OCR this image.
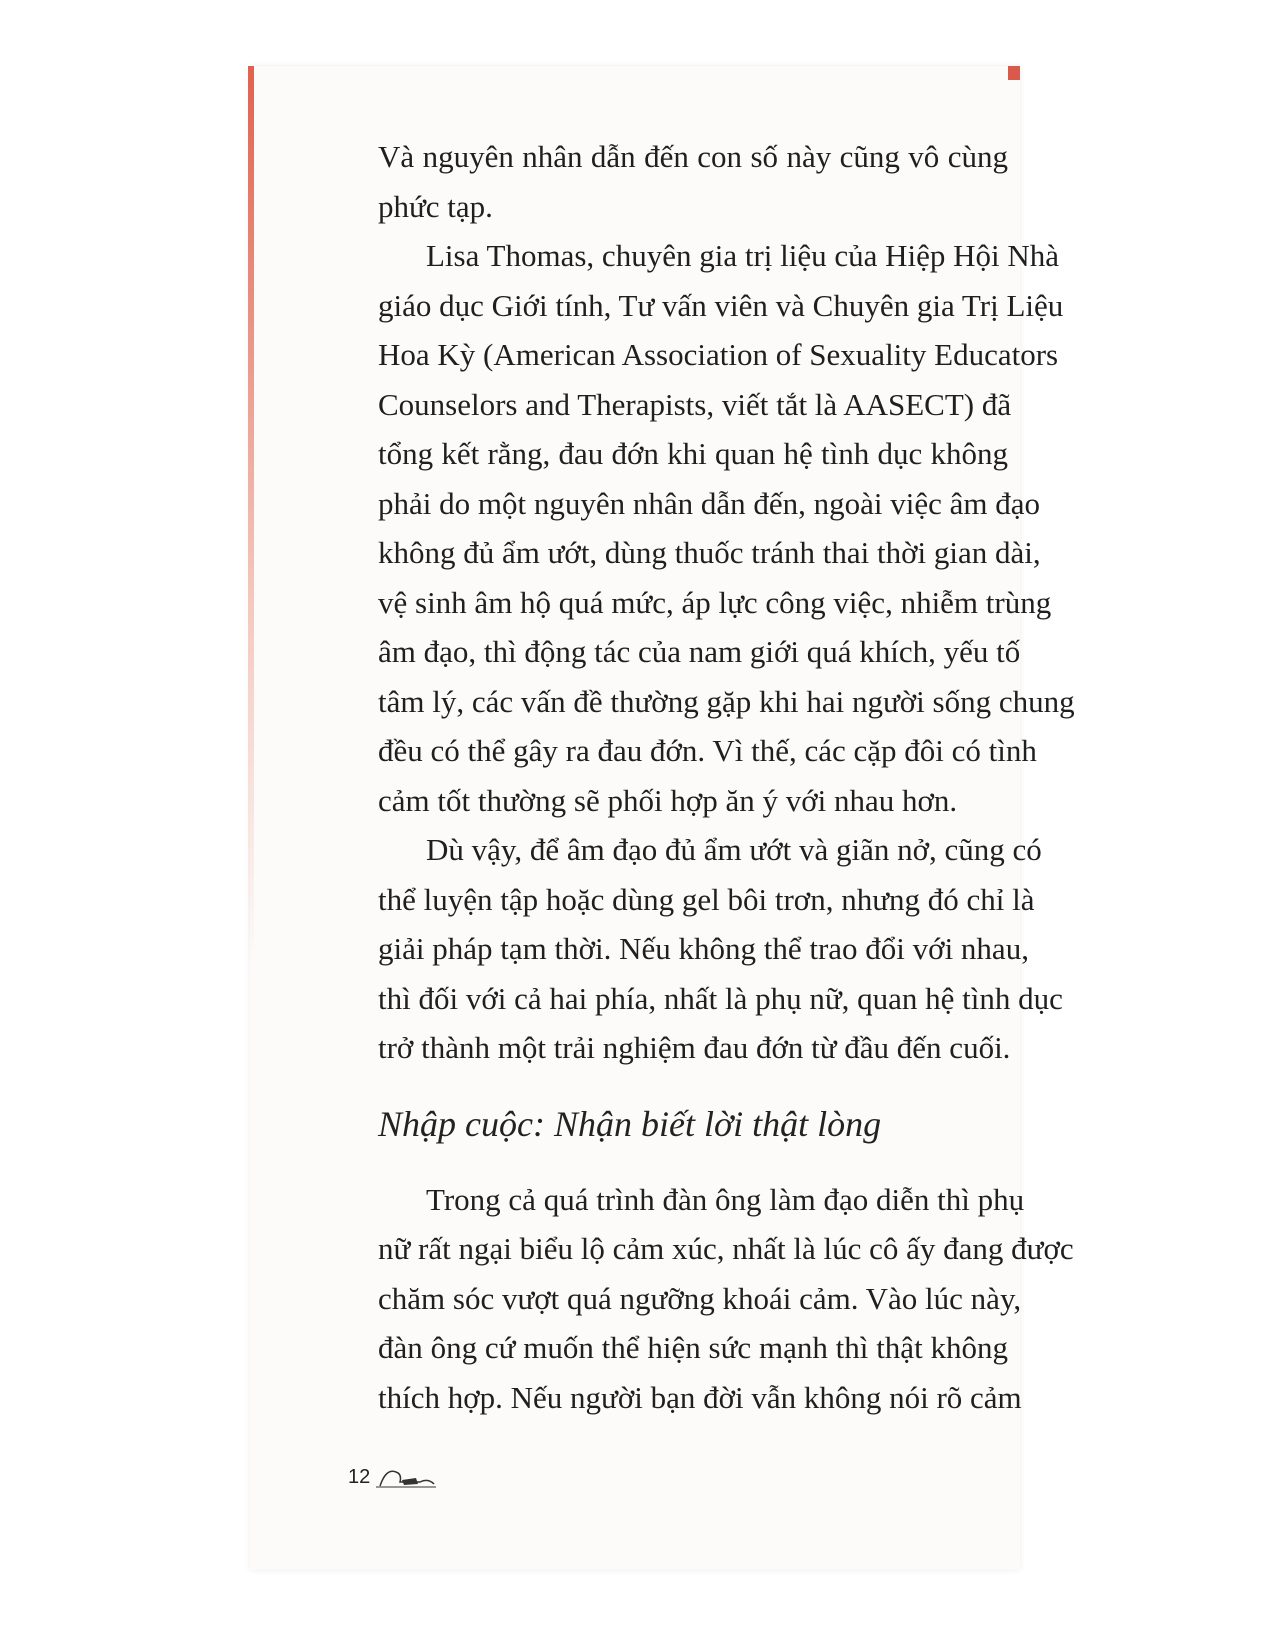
Và nguyên nhân dẫn đến con số này cũng vô cùng
phức tạp.
Lisa Thomas, chuyên gia trị liệu của Hiệp Hội Nhà
giáo dục Giới tính, Tư vấn viên và Chuyên gia Trị Liệu
Hoa Kỳ (American Association of Sexuality Educators
Counselors and Therapists, viết tắt là AASECT) đã
tổng kết rằng, đau đớn khi quan hệ tình dục không
phải do một nguyên nhân dẫn đến, ngoài việc âm đạo
không đủ ẩm ướt, dùng thuốc tránh thai thời gian dài,
vệ sinh âm hộ quá mức, áp lực công việc, nhiễm trùng
âm đạo, thì động tác của nam giới quá khích, yếu tố
tâm lý, các vấn đề thường gặp khi hai người sống chung
đều có thể gây ra đau đớn. Vì thế, các cặp đôi có tình
cảm tốt thường sẽ phối hợp ăn ý với nhau hơn.
Dù vậy, để âm đạo đủ ẩm ướt và giãn nở, cũng có
thể luyện tập hoặc dùng gel bôi trơn, nhưng đó chỉ là
giải pháp tạm thời. Nếu không thể trao đổi với nhau,
thì đối với cả hai phía, nhất là phụ nữ, quan hệ tình dục
trở thành một trải nghiệm đau đớn từ đầu đến cuối.
Nhập cuộc: Nhận biết lời thật lòng
Trong cả quá trình đàn ông làm đạo diễn thì phụ
nữ rất ngại biểu lộ cảm xúc, nhất là lúc cô ấy đang được
chăm sóc vượt quá ngưỡng khoái cảm. Vào lúc này,
đàn ông cứ muốn thể hiện sức mạnh thì thật không
thích hợp. Nếu người bạn đời vẫn không nói rõ cảm
12
